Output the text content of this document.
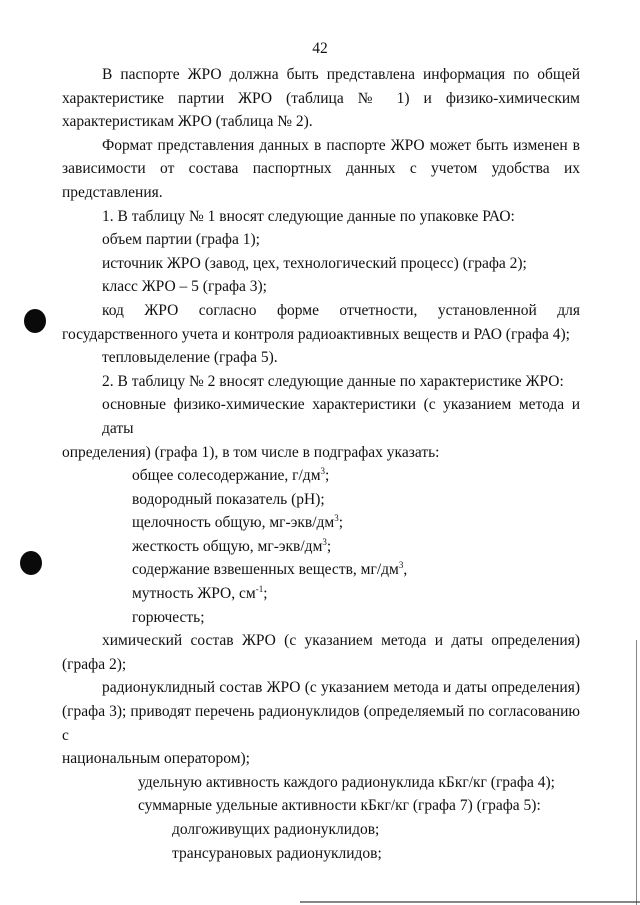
42
В паспорте ЖРО должна быть представлена информация по общей
характеристике партии ЖРО (таблица № 1) и физико-химическим
характеристикам ЖРО (таблица № 2).
Формат представления данных в паспорте ЖРО может быть изменен в
зависимости от состава паспортных данных с учетом удобства их
представления.
1. В таблицу № 1 вносят следующие данные по упаковке РАО:
объем партии (графа 1);
источник ЖРО (завод, цех, технологический процесс) (графа 2);
класс ЖРО – 5 (графа 3);
код ЖРО согласно форме отчетности, установленной для
государственного учета и контроля радиоактивных веществ и РАО (графа 4);
тепловыделение (графа 5).
2. В таблицу № 2 вносят следующие данные по характеристике ЖРО:
основные физико-химические характеристики (с указанием метода и даты
определения) (графа 1), в том числе в подграфах указать:
общее солесодержание, $г/дм^3$;
водородный показатель (pH);
щелочность общую, $мг-экв/дм^3$;
жесткость общую, $мг-экв/дм^3$;
содержание взвешенных веществ, $мг/дм^3$,
мутность ЖРО, $см^{-1}$;
горючесть;
химический состав ЖРО (с указанием метода и даты определения)
(графа 2);
радионуклидный состав ЖРО (с указанием метода и даты определения)
(графа 3); приводят перечень радионуклидов (определяемый по согласованию с
национальным оператором);
удельную активность каждого радионуклида кБкг/кг (графа 4);
суммарные удельные активности кБкг/кг (графа 7) (графа 5):
долгоживущих радионуклидов;
трансурановых радионуклидов;
